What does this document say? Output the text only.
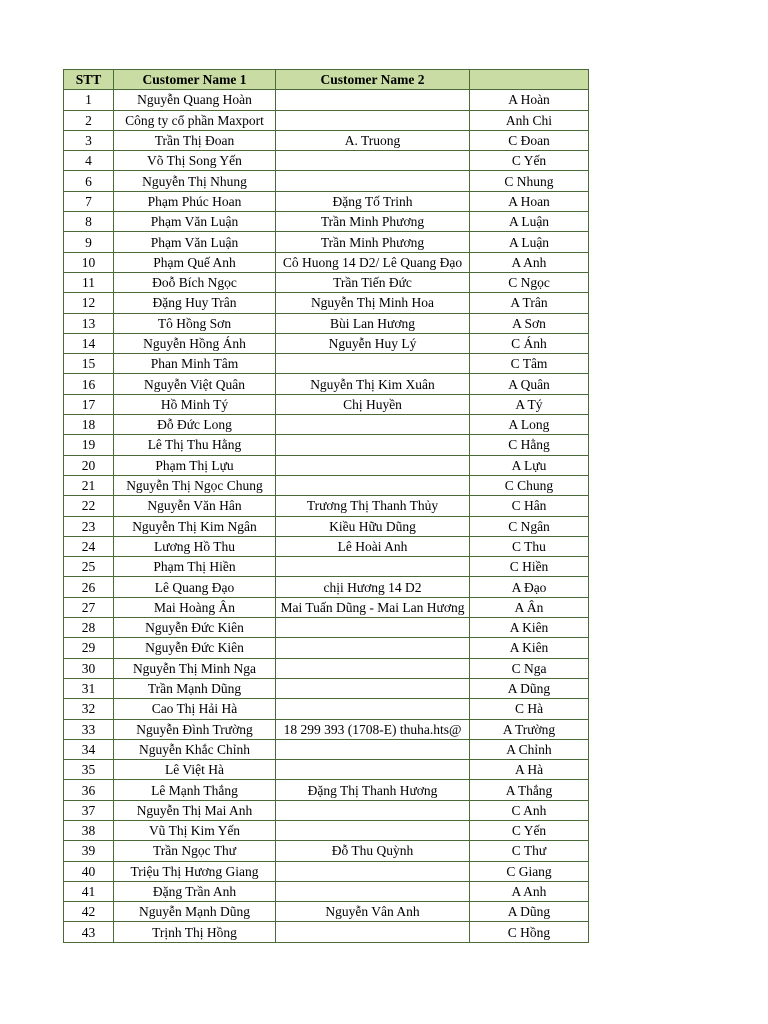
STT	Customer Name 1	Customer Name 2	

1	Nguyễn Quang Hoàn		A Hoàn

2	Công ty cổ phần Maxport		Anh Chi

3	Trần Thị Đoan	A. Truong	C Đoan

4	Võ Thị Song Yến		C Yến

6	Nguyễn Thị Nhung		C Nhung

7	Phạm Phúc Hoan	Đặng Tố Trinh	A Hoan

8	Phạm Văn Luận	Trần Minh Phương	A Luận

9	Phạm Văn Luận	Trần Minh Phương	A Luận

10	Phạm Quế Anh	Cô Huong 14 D2/ Lê Quang Đạo	A Anh

11	Đoỗ Bích Ngọc	Trần Tiến Đức	C Ngọc

12	Đặng Huy Trân	Nguyễn Thị Minh Hoa	A Trân

13	Tô Hồng Sơn	Bùi Lan Hương	A Sơn

14	Nguyễn Hồng Ánh	Nguyễn Huy Lý	C Ánh

15	Phan Minh Tâm		C Tâm

16	Nguyễn Việt Quân	Nguyễn Thị Kim Xuân	A Quân

17	Hồ Minh Tý	Chị Huyền	A Tý

18	Đỗ Đức Long		A Long

19	Lê Thị Thu Hằng		C Hằng

20	Phạm Thị Lựu		A Lựu

21	Nguyễn Thị Ngọc Chung		C Chung

22	Nguyễn Văn Hân	Trương Thị Thanh Thủy	C Hân

23	Nguyễn Thị Kim Ngân	Kiều Hữu Dũng	C Ngân

24	Lương Hồ Thu	Lê Hoài Anh	C Thu

25	Phạm Thị Hiền		C Hiền

26	Lê Quang Đạo	chịi Hương 14 D2	A Đạo

27	Mai Hoàng Ân	Mai Tuấn Dũng - Mai Lan Hương	A Ân

28	Nguyễn Đức Kiên		A Kiên

29	Nguyễn Đức Kiên		A Kiên

30	Nguyễn Thị Minh Nga		C Nga

31	Trần Mạnh Dũng		A Dũng

32	Cao Thị Hải Hà		C Hà

33	Nguyễn Đình Trường	18 299 393 (1708-E) thuha.hts@	A Trường

34	Nguyễn Khắc Chỉnh		A Chỉnh

35	Lê Việt Hà		A Hà

36	Lê Mạnh Thắng	Đặng Thị Thanh Hương	A Thắng

37	Nguyễn Thị Mai Anh		C Anh

38	Vũ Thị Kim Yến		C Yến

39	Trần Ngọc Thư	Đỗ Thu Quỳnh	C Thư

40	Triệu Thị Hương Giang		C Giang

41	Đặng Trần Anh		A Anh

42	Nguyễn Mạnh Dũng	Nguyễn Vân Anh	A Dũng

43	Trịnh Thị Hồng		C Hồng
